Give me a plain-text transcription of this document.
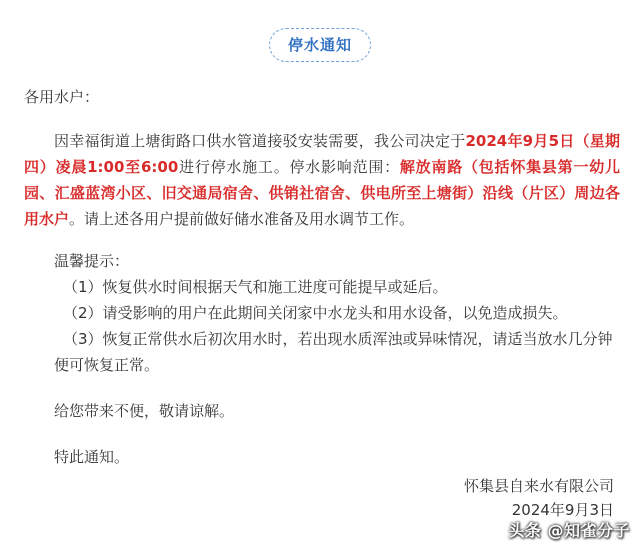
停水通知
各用水户：

因幸福街道上塘街路口供水管道接驳安装需要，我公司决定于2024年9月5日（星期四）凌晨1:00至6:00进行停水施工。停水影响范围：解放南路（包括怀集县第一幼儿园、汇盛蓝湾小区、旧交通局宿舍、供销社宿舍、供电所至上塘街）沿线（片区）周边各用水户。请上述各用户提前做好储水准备及用水调节工作。

温馨提示：
（1）恢复供水时间根据天气和施工进度可能提早或延后。
（2）请受影响的用户在此期间关闭家中水龙头和用水设备，以免造成损失。
（3）恢复正常供水后初次用水时，若出现水质浑浊或异味情况，请适当放水几分钟便可恢复正常。
给您带来不便，敬请谅解。
特此通知。
怀集县自来水有限公司
2024年9月3日
头条 @知雀分子
